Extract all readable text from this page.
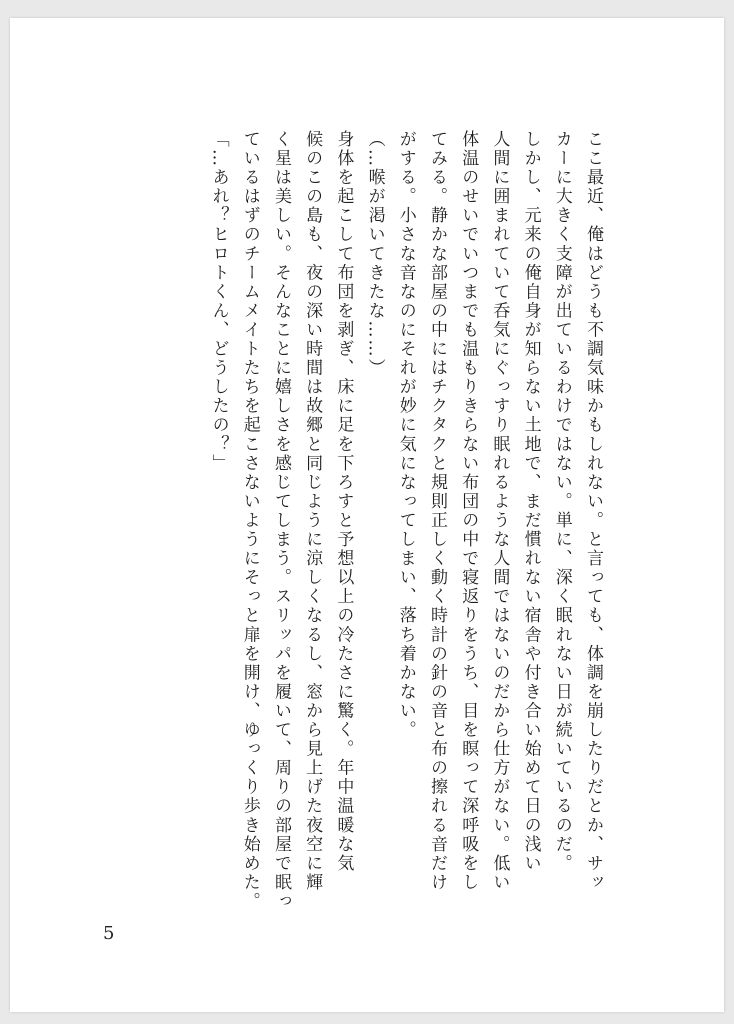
ここ最近、俺はどうも不調気味かもしれない。と言っても、体調を崩したりだとか、サッ
カーに大きく支障が出ているわけではない。単に、深く眠れない日が続いているのだ。
しかし、元来の俺自身が知らない土地で、まだ慣れない宿舎や付き合い始めて日の浅い
人間に囲まれていて呑気にぐっすり眠れるような人間ではないのだから仕方がない。低い
体温のせいでいつまでも温もりきらない布団の中で寝返りをうち、目を瞑って深呼吸をし
てみる。静かな部屋の中にはチクタクと規則正しく動く時計の針の音と布の擦れる音だけ
がする。小さな音なのにそれが妙に気になってしまい、落ち着かない。
（…喉が渇いてきたな……）
身体を起こして布団を剥ぎ、床に足を下ろすと予想以上の冷たさに驚く。年中温暖な気
候のこの島も、夜の深い時間は故郷と同じように涼しくなるし、窓から見上げた夜空に輝
く星は美しい。そんなことに嬉しさを感じてしまう。スリッパを履いて、周りの部屋で眠っ
ているはずのチームメイトたちを起こさないようにそっと扉を開け、ゆっくり歩き始めた。
「…あれ？ヒロトくん、どうしたの？」
5
